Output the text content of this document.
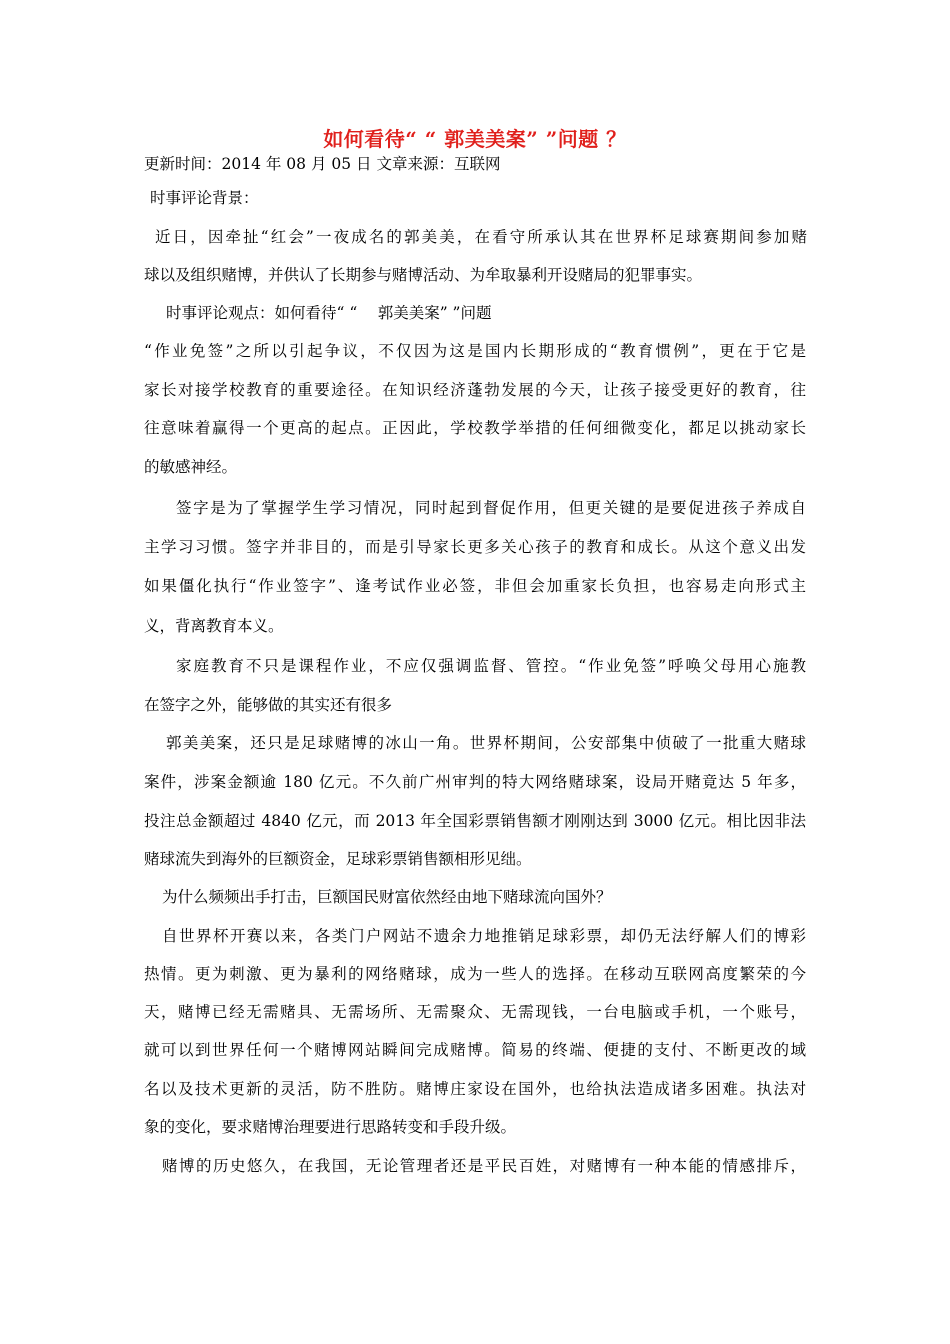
如何看待“ “ 郭美美案” ”问题 ？
更新时间：2014 年 08 月 05 日 文章来源：互联网
时事评论背景：
近日，因牵扯“红会”一夜成名的郭美美，在看守所承认其在世界杯足球赛期间参加赌
球以及组织赌博，并供认了长期参与赌博活动、为牟取暴利开设赌局的犯罪事实。
时事评论观点：如何看待“ “　 郭美美案” ”问题
“作业免签”之所以引起争议，不仅因为这是国内长期形成的“教育惯例”，更在于它是
家长对接学校教育的重要途径。在知识经济蓬勃发展的今天，让孩子接受更好的教育，往
往意味着赢得一个更高的起点。正因此，学校教学举措的任何细微变化，都足以挑动家长
的敏感神经。
签字是为了掌握学生学习情况，同时起到督促作用，但更关键的是要促进孩子养成自
主学习习惯。签字并非目的，而是引导家长更多关心孩子的教育和成长。从这个意义出发
如果僵化执行“作业签字”、逢考试作业必签，非但会加重家长负担，也容易走向形式主
义，背离教育本义。
家庭教育不只是课程作业，不应仅强调监督、管控。“作业免签”呼唤父母用心施教
在签字之外，能够做的其实还有很多
郭美美案，还只是足球赌博的冰山一角。世界杯期间，公安部集中侦破了一批重大赌球
案件，涉案金额逾 180 亿元。不久前广州审判的特大网络赌球案，设局开赌竟达 5 年多，
投注总金额超过 4840 亿元，而 2013 年全国彩票销售额才刚刚达到 3000 亿元。相比因非法
赌球流失到海外的巨额资金，足球彩票销售额相形见绌。
为什么频频出手打击，巨额国民财富依然经由地下赌球流向国外？
自世界杯开赛以来，各类门户网站不遗余力地推销足球彩票，却仍无法纾解人们的博彩
热情。更为刺激、更为暴利的网络赌球，成为一些人的选择。在移动互联网高度繁荣的今
天，赌博已经无需赌具、无需场所、无需聚众、无需现钱，一台电脑或手机，一个账号，
就可以到世界任何一个赌博网站瞬间完成赌博。简易的终端、便捷的支付、不断更改的域
名以及技术更新的灵活，防不胜防。赌博庄家设在国外，也给执法造成诸多困难。执法对
象的变化，要求赌博治理要进行思路转变和手段升级。
赌博的历史悠久，在我国，无论管理者还是平民百姓，对赌博有一种本能的情感排斥，
